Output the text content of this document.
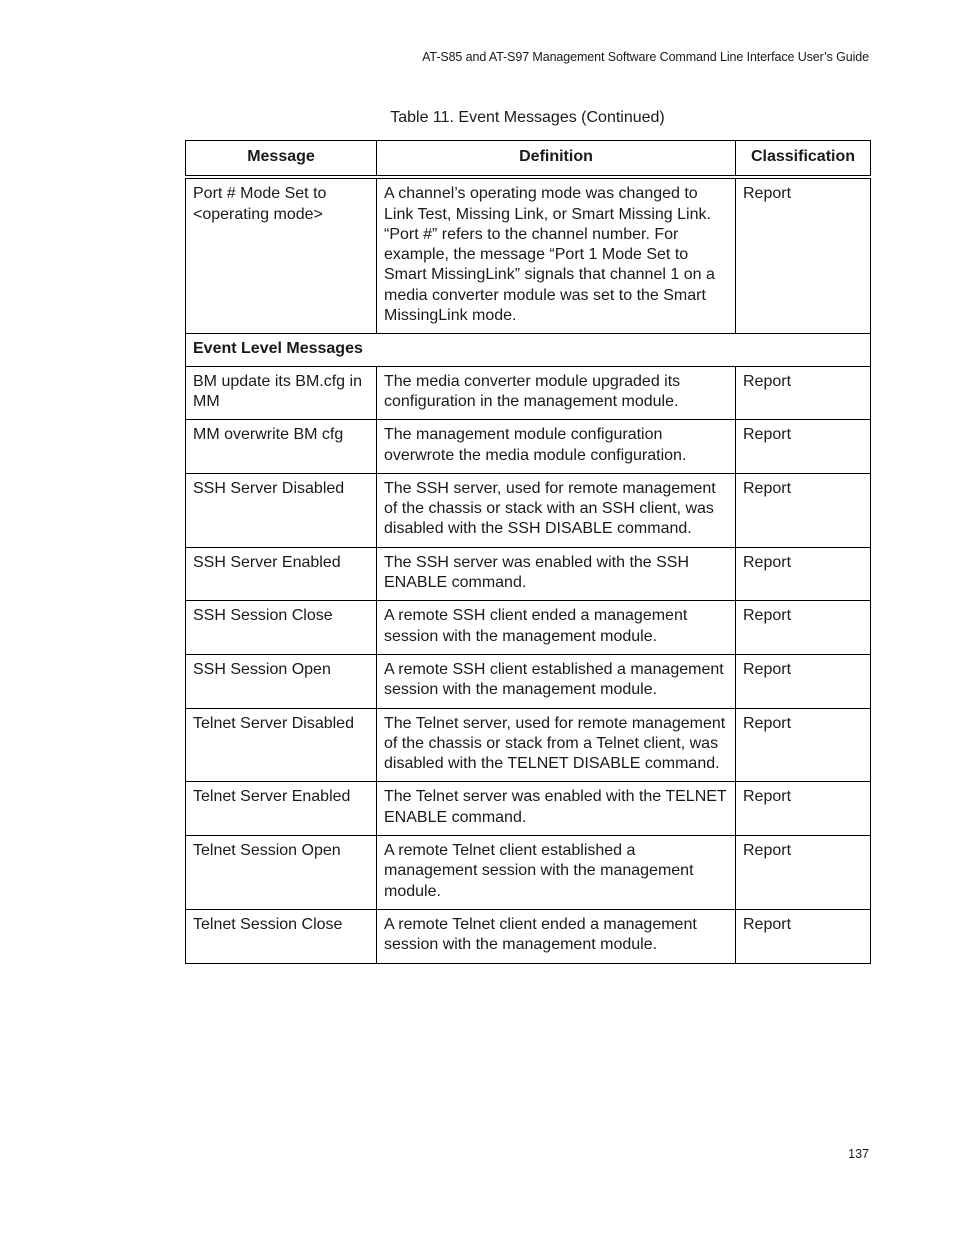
AT-S85 and AT-S97 Management Software Command Line Interface User’s Guide
Table 11. Event Messages (Continued)
Message	Definition	Classification
Port # Mode Set to <operating mode>	A channel’s operating mode was changed to Link Test, Missing Link, or Smart Missing Link. “Port #” refers to the channel number. For example, the message “Port 1 Mode Set to Smart MissingLink” signals that channel 1 on a media converter module was set to the Smart MissingLink mode.	Report
Event Level Messages		
BM update its BM.cfg in MM	The media converter module upgraded its configuration in the management module.	Report
MM overwrite BM cfg	The management module configuration overwrote the media module configuration.	Report
SSH Server Disabled	The SSH server, used for remote management of the chassis or stack with an SSH client, was disabled with the SSH DISABLE command.	Report
SSH Server Enabled	The SSH server was enabled with the SSH ENABLE command.	Report
SSH Session Close	A remote SSH client ended a management session with the management module.	Report
SSH Session Open	A remote SSH client established a management session with the management module.	Report
Telnet Server Disabled	The Telnet server, used for remote management of the chassis or stack from a Telnet client, was disabled with the TELNET DISABLE command.	Report
Telnet Server Enabled	The Telnet server was enabled with the TELNET ENABLE command.	Report
Telnet Session Open	A remote Telnet client established a management session with the management module.	Report
Telnet Session Close	A remote Telnet client ended a management session with the management module.	Report
137
